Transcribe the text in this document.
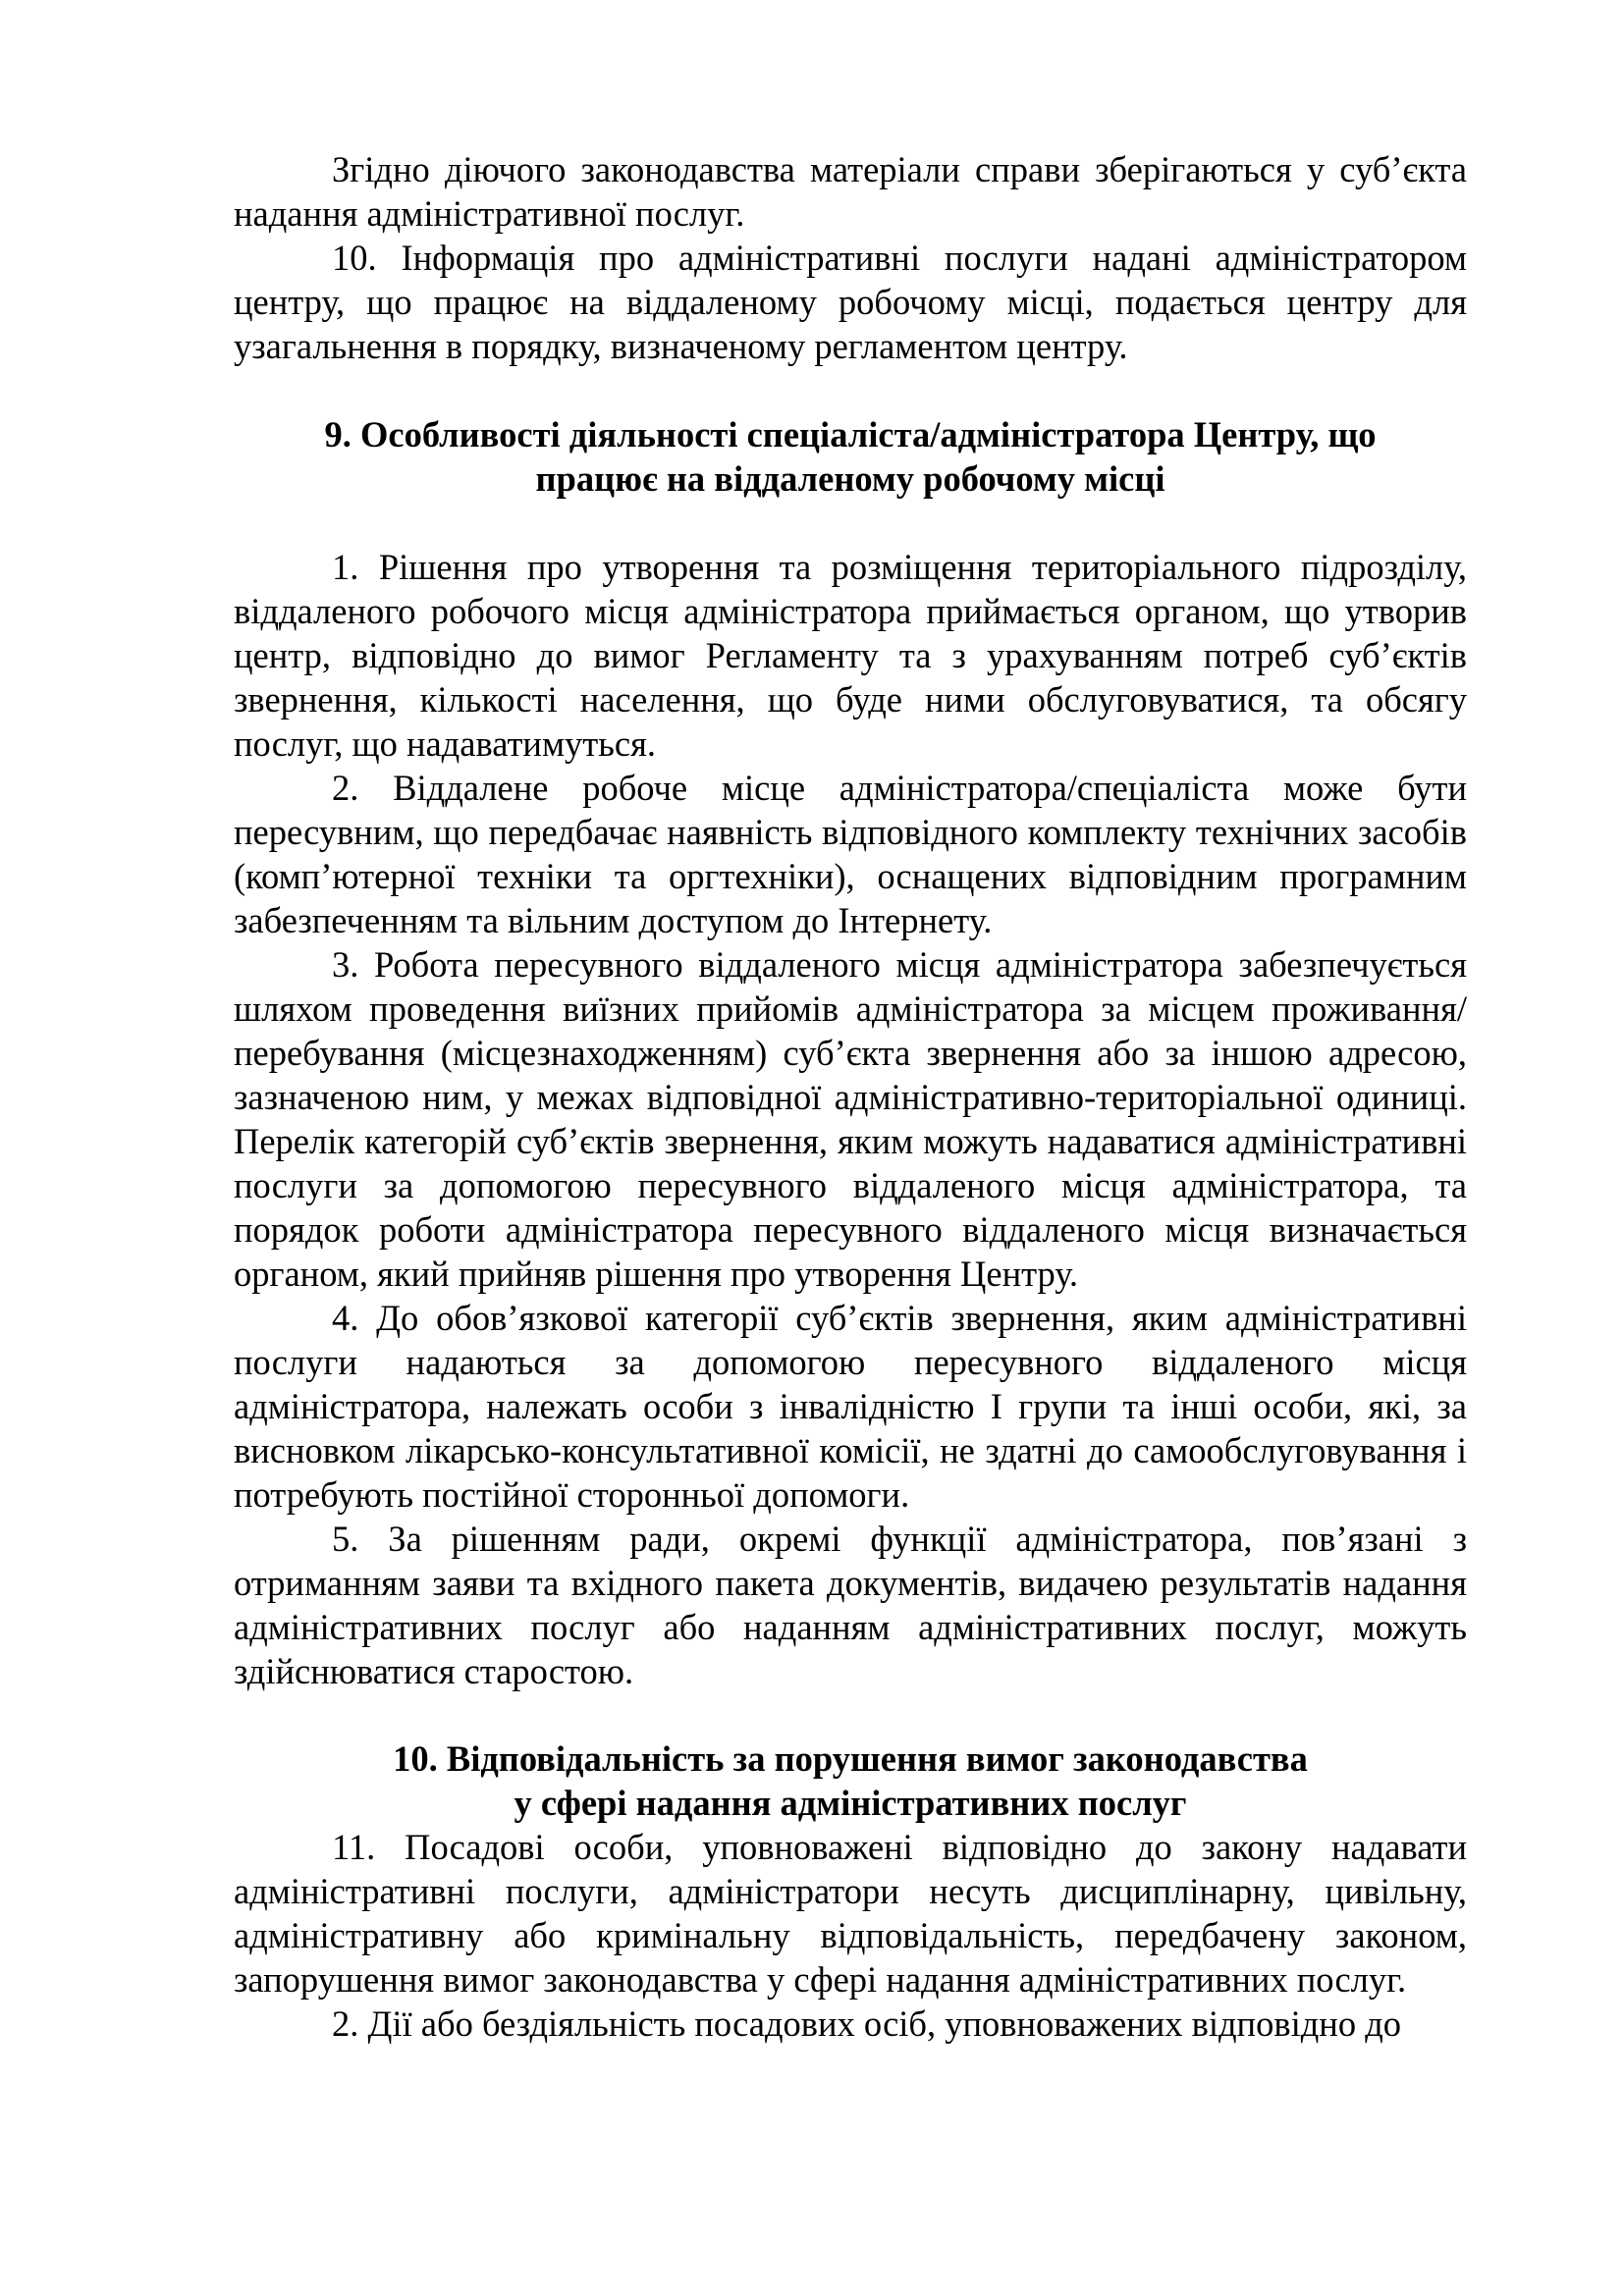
Згідно діючого законодавства матеріали справи зберігаються у суб’єкта надання адміністративної послуг.

10. Інформація про адміністративні послуги надані адміністратором центру, що працює на віддаленому робочому місці, подається центру для узагальнення в порядку, визначеному регламентом центру.

9. Особливості діяльності спеціаліста/адміністратора Центру, що
працює на віддаленому робочому місці

1. Рішення про утворення та розміщення територіального підрозділу, віддаленого робочого місця адміністратора приймається органом, що утворив центр, відповідно до вимог Регламенту та з урахуванням потреб суб’єктів звернення, кількості населення, що буде ними обслуговуватися, та обсягу послуг, що надаватимуться.

2. Віддалене робоче місце адміністратора/спеціаліста може бути пересувним, що передбачає наявність відповідного комплекту технічних засобів (комп’ютерної техніки та оргтехніки), оснащених відповідним програмним забезпеченням та вільним доступом до Інтернету.

3. Робота пересувного віддаленого місця адміністратора забезпечується шляхом проведення виїзних прийомів адміністратора за місцем проживання/перебування (місцезнаходженням) суб’єкта звернення або за іншою адресою, зазначеною ним, у межах відповідної адміністративно-територіальної одиниці. Перелік категорій суб’єктів звернення, яким можуть надаватися адміністративні послуги за допомогою пересувного віддаленого місця адміністратора, та порядок роботи адміністратора пересувного віддаленого місця визначається органом, який прийняв рішення про утворення Центру.

4. До обов’язкової категорії суб’єктів звернення, яким адміністративні послуги надаються за допомогою пересувного віддаленого місця адміністратора, належать особи з інвалідністю I групи та інші особи, які, за висновком лікарсько-консультативної комісії, не здатні до самообслуговування і потребують постійної сторонньої допомоги.

5. За рішенням ради, окремі функції адміністратора, пов’язані з отриманням заяви та вхідного пакета документів, видачею результатів надання адміністративних послуг або наданням адміністративних послуг, можуть здійснюватися старостою.

10. Відповідальність за порушення вимог законодавства
у сфері надання адміністративних послуг

11. Посадові особи, уповноважені відповідно до закону надавати адміністративні послуги, адміністратори несуть дисциплінарну, цивільну, адміністративну або кримінальну відповідальність, передбачену законом, запорушення вимог законодавства у сфері надання адміністративних послуг.

2. Дії або бездіяльність посадових осіб, уповноважених відповідно до
